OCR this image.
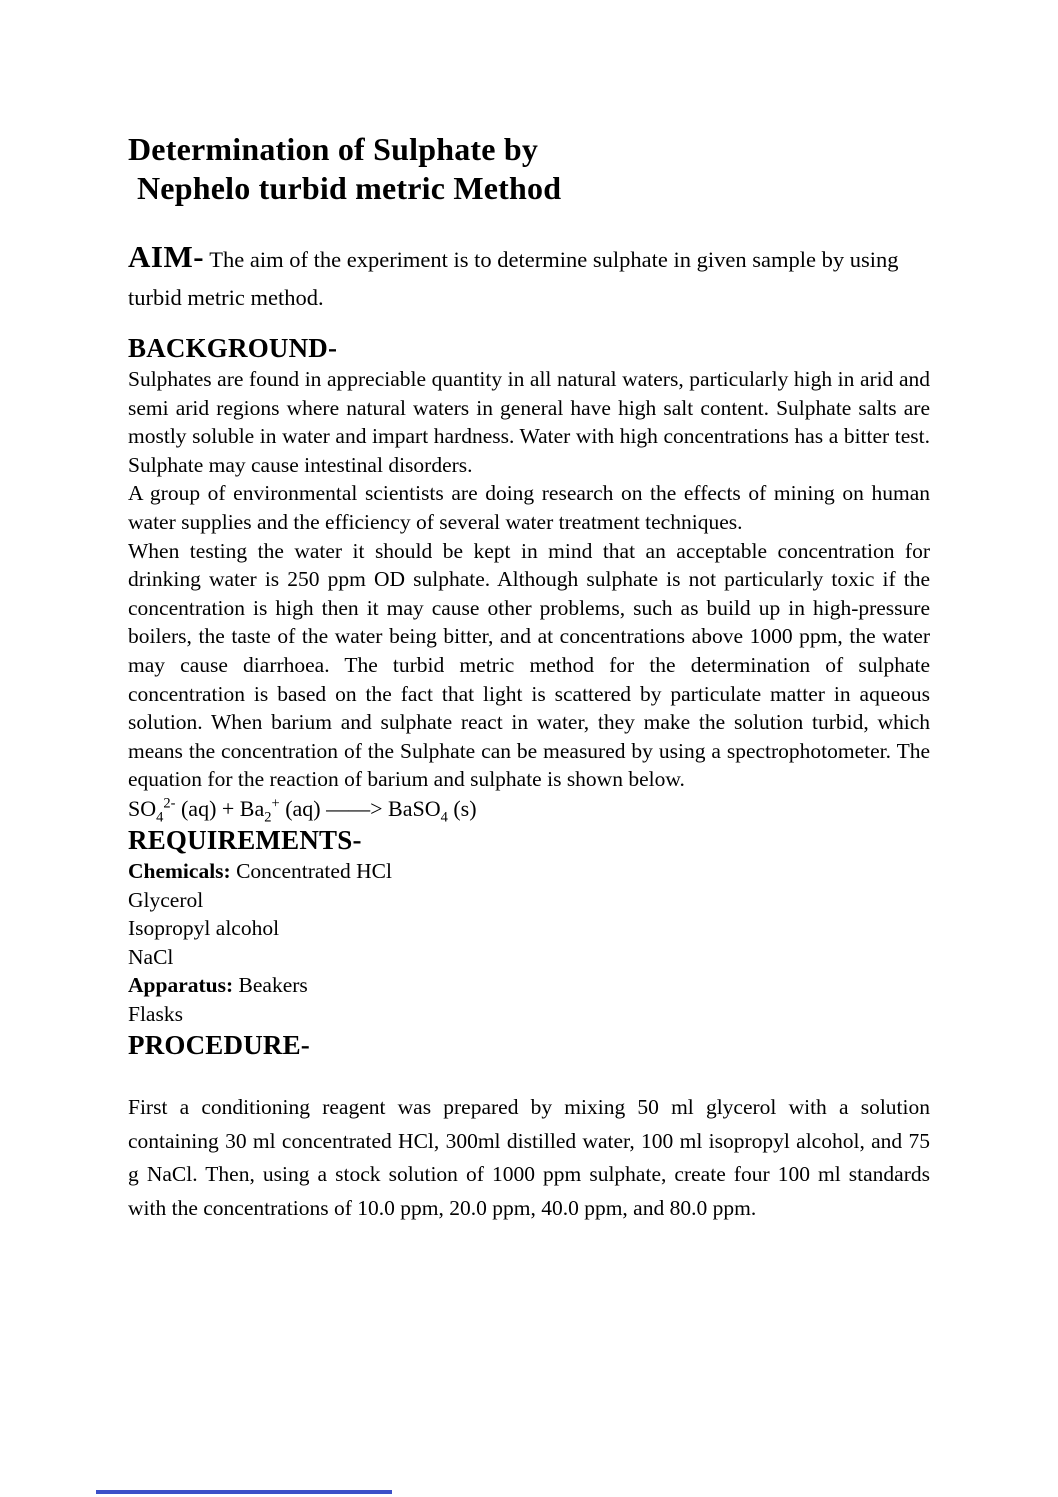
Determination of Sulphate by
Nephelo turbid metric Method
AIM- The aim of the experiment is to determine sulphate in given sample by using turbid metric method.
BACKGROUND-

Sulphates are found in appreciable quantity in all natural waters, particularly high in arid and semi arid regions where natural waters in general have high salt content. Sulphate salts are mostly soluble in water and impart hardness. Water with high concentrations has a bitter test. Sulphate may cause intestinal disorders.

A group of environmental scientists are doing research on the effects of mining on human water supplies and the efficiency of several water treatment techniques.

When testing the water it should be kept in mind that an acceptable concentration for drinking water is 250 ppm OD sulphate. Although sulphate is not particularly toxic if the concentration is high then it may cause other problems, such as build up in high-pressure boilers, the taste of the water being bitter, and at concentrations above 1000 ppm, the water may cause diarrhoea. The turbid metric method for the determination of sulphate concentration is based on the fact that light is scattered by particulate matter in aqueous solution. When barium and sulphate react in water, they make the solution turbid, which means the concentration of the Sulphate can be measured by using a spectrophotometer. The equation for the reaction of barium and sulphate is shown below.

$SO_4^{2-}$ $(aq) + Ba_2^+$ (aq) ——> BaSO$_4$ (s)
REQUIREMENTS-
Chemicals: Concentrated HCl
Glycerol
Isopropyl alcohol
NaCl
Apparatus: Beakers
Flasks
PROCEDURE-

First a conditioning reagent was prepared by mixing 50 ml glycerol with a solution containing 30 ml concentrated HCl, 300ml distilled water, 100 ml isopropyl alcohol, and 75 g NaCl. Then, using a stock solution of 1000 ppm sulphate, create four 100 ml standards with the concentrations of 10.0 ppm, 20.0 ppm, 40.0 ppm, and 80.0 ppm.
